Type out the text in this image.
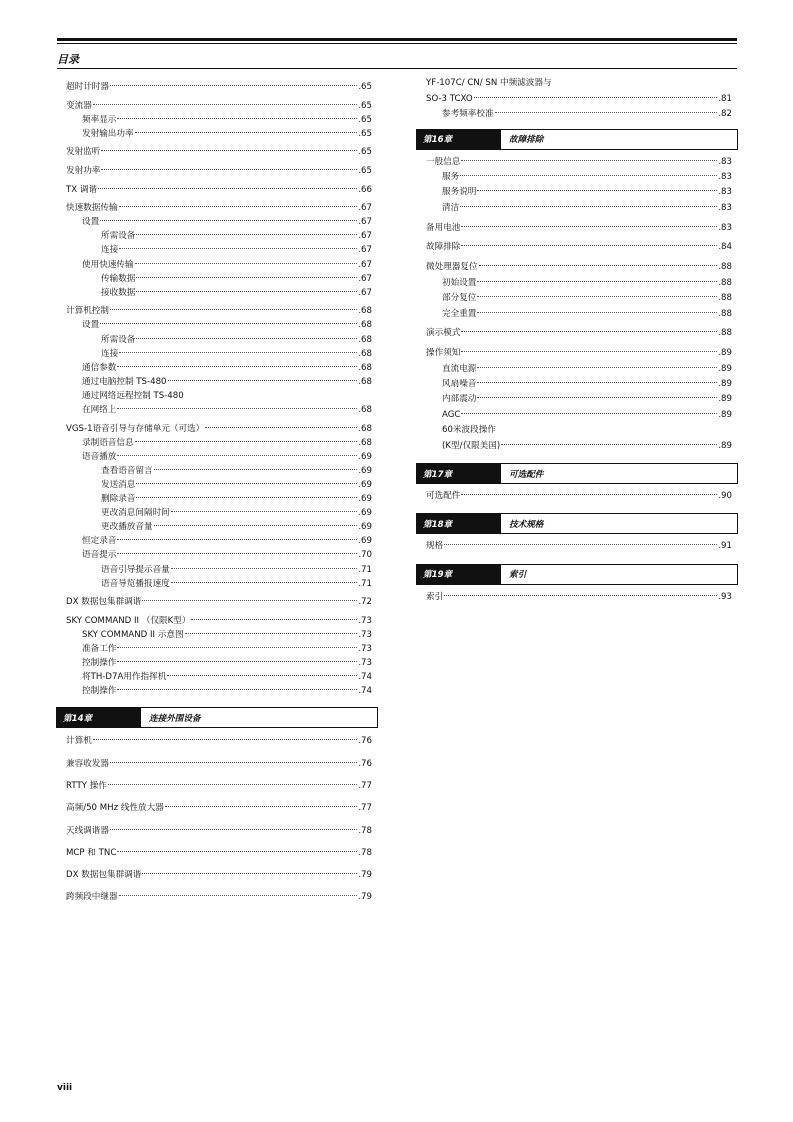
目录
超时计时器	.65
变流器	.65
频率显示	.65
发射输出功率	.65
发射监听	.65
发射功率	.65
TX 调谐	.66
快速数据传输	.67
设置	.67
所需设备	.67
连接	.67
使用快速传输	.67
传输数据	.67
接收数据	.67
计算机控制	.68
设置	.68
所需设备	.68
连接	.68
通信参数	.68
通过电脑控制 TS-480	.68
通过网络远程控制 TS-480
在网络上	.68
VGS-1语音引导与存储单元（可选）	.68
录制语音信息	.68
语音播放	.69
查看语音留言	.69
发送消息	.69
删除录音	.69
更改消息间隔时间	.69
更改播放音量	.69
恒定录音	.69
语音提示	.70
语音引导提示音量	.71
语音导览播报速度	.71
DX 数据包集群调谐	.72
SKY COMMAND II （仅限K型）	.73
SKY COMMAND II 示意图	.73
准备工作	.73
控制操作	.73
将TH-D7A用作指挥机	.74
控制操作	.74
第14章	连接外围设备
计算机	.76
兼容收发器	.76
RTTY 操作	.77
高频/50 MHz 线性放大器	.77
天线调谐器	.78
MCP 和 TNC	.78
DX 数据包集群调谐	.79
跨频段中继器	.79
YF-107C/ CN/ SN 中频滤波器与
SO-3 TCXO	.81
参考频率校准	.82
第16章	故障排除
一般信息	.83
服务	.83
服务说明	.83
清洁	.83
备用电池	.83
故障排除	.84
微处理器复位	.88
初始设置	.88
部分复位	.88
完全重置	.88
演示模式	.88
操作须知	.89
直流电源	.89
风扇噪音	.89
内部震动	.89
AGC	.89
60米波段操作
(K型/仅限美国)	.89
第17章	可选配件
可选配件	.90
第18章	技术规格
规格	.91
第19章	索引
索引	.93
viii
